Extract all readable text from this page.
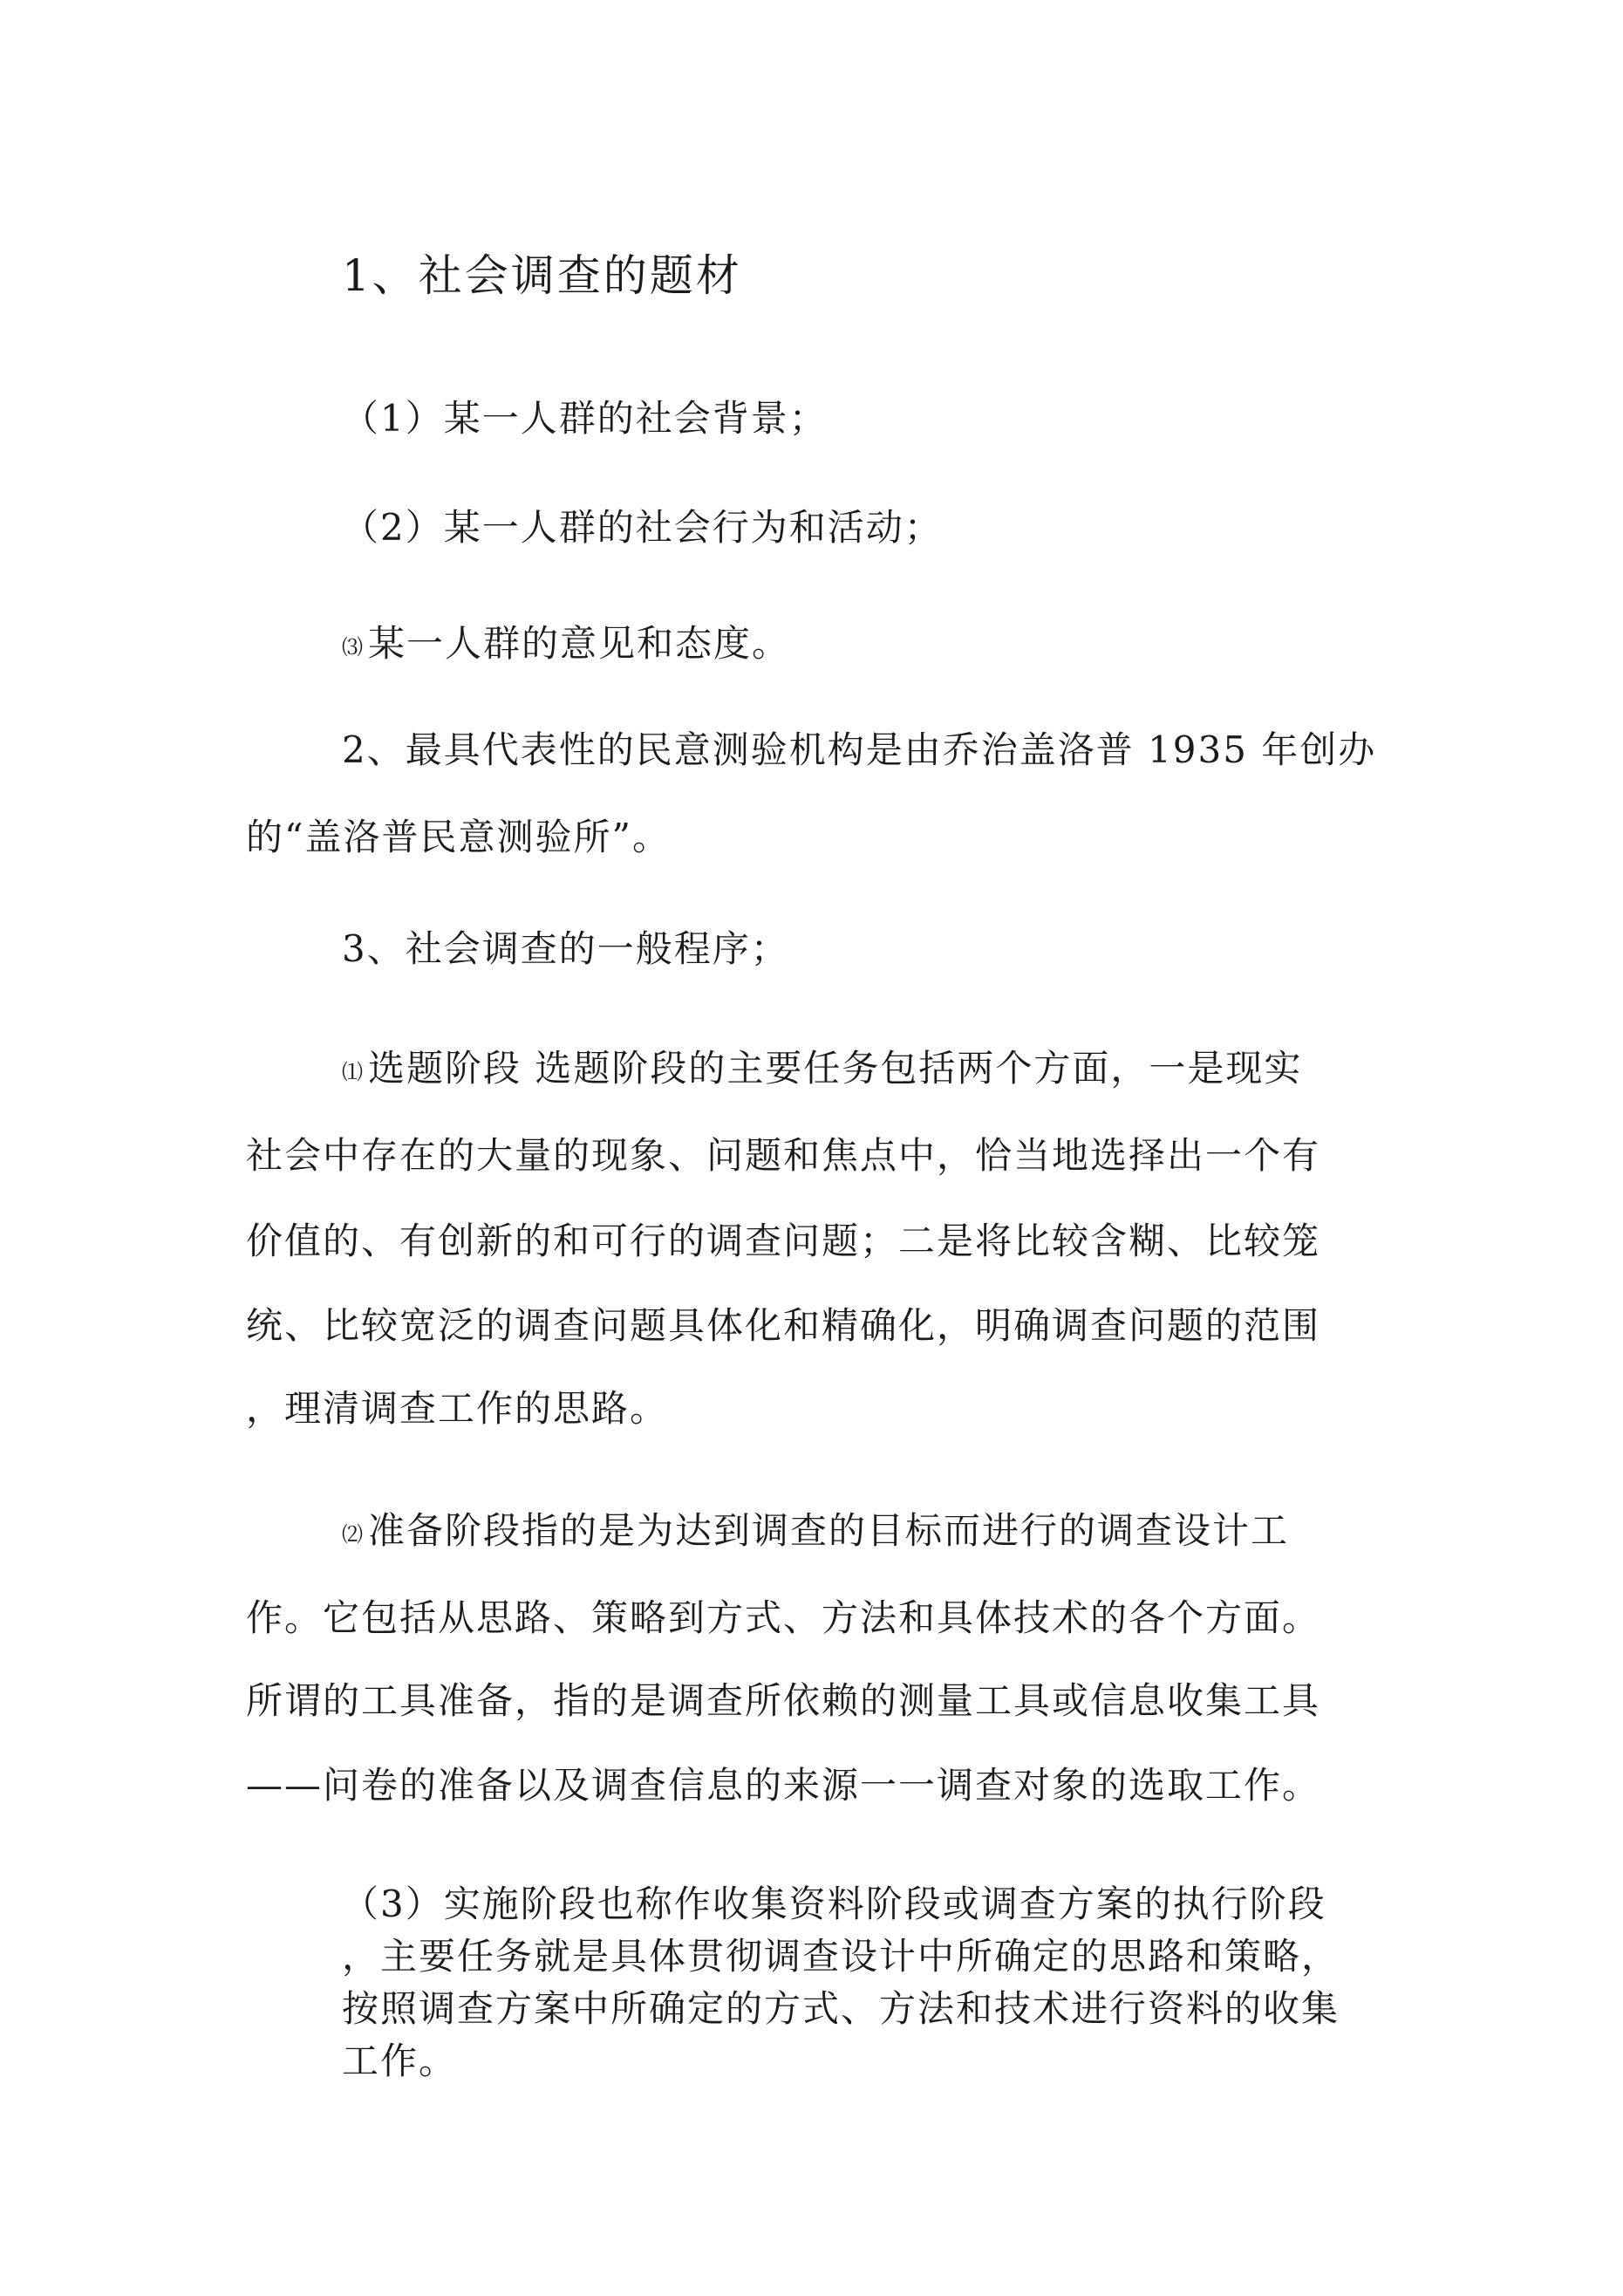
1、社会调查的题材
（1）某一人群的社会背景；
（2）某一人群的社会行为和活动；
⑶ 某一人群的意见和态度。
2、最具代表性的民意测验机构是由乔治盖洛普 1935 年创办
的“盖洛普民意测验所”。
3、社会调查的一般程序；
⑴ 选题阶段 选题阶段的主要任务包括两个方面，一是现实
社会中存在的大量的现象、问题和焦点中，恰当地选择出一个有
价值的、有创新的和可行的调查问题；二是将比较含糊、比较笼
统、比较宽泛的调查问题具体化和精确化，明确调查问题的范围
，理清调查工作的思路。
⑵ 准备阶段指的是为达到调查的目标而进行的调查设计工
作。它包括从思路、策略到方式、方法和具体技术的各个方面。
所谓的工具准备，指的是调查所依赖的测量工具或信息收集工具
——问卷的准备以及调查信息的来源一一调查对象的选取工作。
（3）实施阶段也称作收集资料阶段或调查方案的执行阶段
，主要任务就是具体贯彻调查设计中所确定的思路和策略，
按照调查方案中所确定的方式、方法和技术进行资料的收集
工作。
